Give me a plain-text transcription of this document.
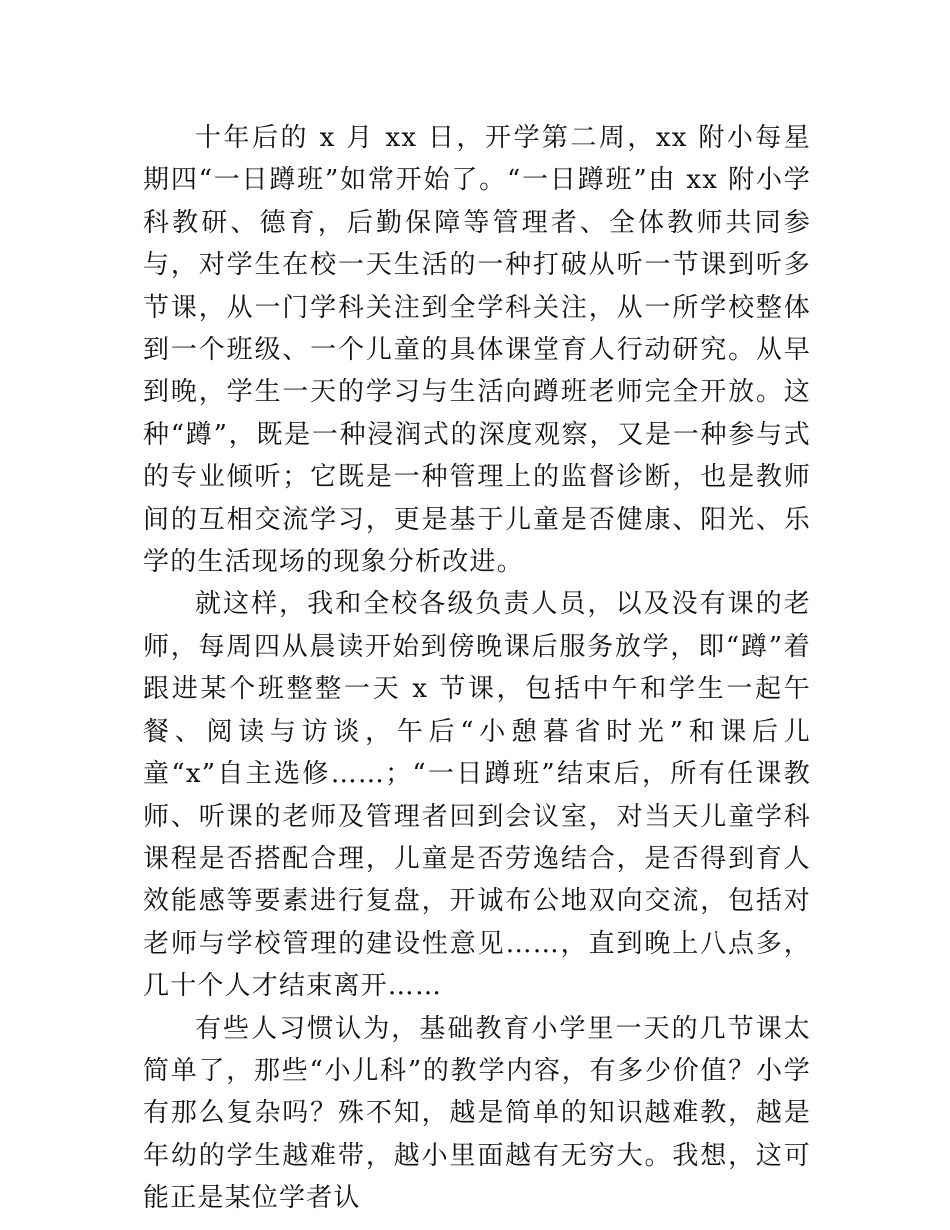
十年后的 x 月 xx 日，开学第二周，xx 附小每星期四“一日蹲班”如常开始了。“一日蹲班”由 xx 附小学科教研、德育，后勤保障等管理者、全体教师共同参与，对学生在校一天生活的一种打破从听一节课到听多节课，从一门学科关注到全学科关注，从一所学校整体到一个班级、一个儿童的具体课堂育人行动研究。从早到晚，学生一天的学习与生活向蹲班老师完全开放。这种“蹲”，既是一种浸润式的深度观察，又是一种参与式的专业倾听；它既是一种管理上的监督诊断，也是教师间的互相交流学习，更是基于儿童是否健康、阳光、乐学的生活现场的现象分析改进。

就这样，我和全校各级负责人员，以及没有课的老师，每周四从晨读开始到傍晚课后服务放学，即“蹲”着跟进某个班整整一天 x 节课，包括中午和学生一起午餐、阅读与访谈，午后“小憩暮省时光”和课后儿童“x”自主选修……；“一日蹲班”结束后，所有任课教师、听课的老师及管理者回到会议室，对当天儿童学科课程是否搭配合理，儿童是否劳逸结合，是否得到育人效能感等要素进行复盘，开诚布公地双向交流，包括对老师与学校管理的建设性意见……，直到晚上八点多，几十个人才结束离开……

有些人习惯认为，基础教育小学里一天的几节课太简单了，那些“小儿科”的教学内容，有多少价值？小学有那么复杂吗？殊不知，越是简单的知识越难教，越是年幼的学生越难带，越小里面越有无穷大。我想，这可能正是某位学者认
